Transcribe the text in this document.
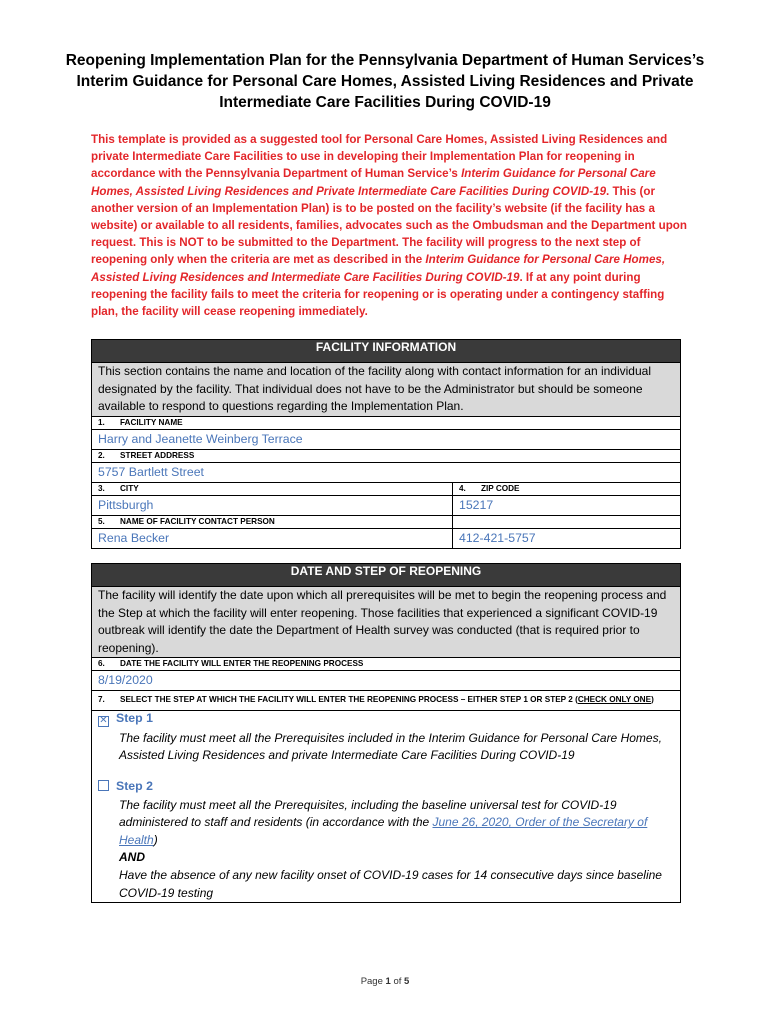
Reopening Implementation Plan for the Pennsylvania Department of Human Services’s Interim Guidance for Personal Care Homes, Assisted Living Residences and Private Intermediate Care Facilities During COVID-19
This template is provided as a suggested tool for Personal Care Homes, Assisted Living Residences and private Intermediate Care Facilities to use in developing their Implementation Plan for reopening in accordance with the Pennsylvania Department of Human Service’s Interim Guidance for Personal Care Homes, Assisted Living Residences and Private Intermediate Care Facilities During COVID-19. This (or another version of an Implementation Plan) is to be posted on the facility’s website (if the facility has a website) or available to all residents, families, advocates such as the Ombudsman and the Department upon request. This is NOT to be submitted to the Department. The facility will progress to the next step of reopening only when the criteria are met as described in the Interim Guidance for Personal Care Homes, Assisted Living Residences and Intermediate Care Facilities During COVID-19. If at any point during reopening the facility fails to meet the criteria for reopening or is operating under a contingency staffing plan, the facility will cease reopening immediately.
FACILITY INFORMATION	
This section contains the name and location of the facility along with contact information for an individual designated by the facility. That individual does not have to be the Administrator but should be someone available to respond to questions regarding the Implementation Plan.	
1. FACILITY NAME	
Harry and Jeanette Weinberg Terrace	
2. STREET ADDRESS	
5757 Bartlett Street	
3. CITY	4. ZIP CODE
Pittsburgh	15217
5. NAME OF FACILITY CONTACT PERSON	
Rena Becker	412-421-5757
DATE AND STEP OF REOPENING
The facility will identify the date upon which all prerequisites will be met to begin the reopening process and the Step at which the facility will enter reopening. Those facilities that experienced a significant COVID-19 outbreak will identify the date the Department of Health survey was conducted (that is required prior to reopening).
6. DATE THE FACILITY WILL ENTER THE REOPENING PROCESS
8/19/2020

7.	SELECT THE STEP AT WHICH THE FACILITY WILL ENTER THE REOPENING PROCESS – EITHER STEP 1 OR STEP 2 (CHECK ONLY ONE)

✕ Step 1
The facility must meet all the Prerequisites included in the Interim Guidance for Personal Care Homes, Assisted Living Residences and private Intermediate Care Facilities During COVID-19
Step 2
The facility must meet all the Prerequisites, including the baseline universal test for COVID-19 administered to staff and residents (in accordance with the June 26, 2020, Order of the Secretary of Health)
AND
Have the absence of any new facility onset of COVID-19 cases for 14 consecutive days since baseline COVID-19 testing
Page 1 of 5
